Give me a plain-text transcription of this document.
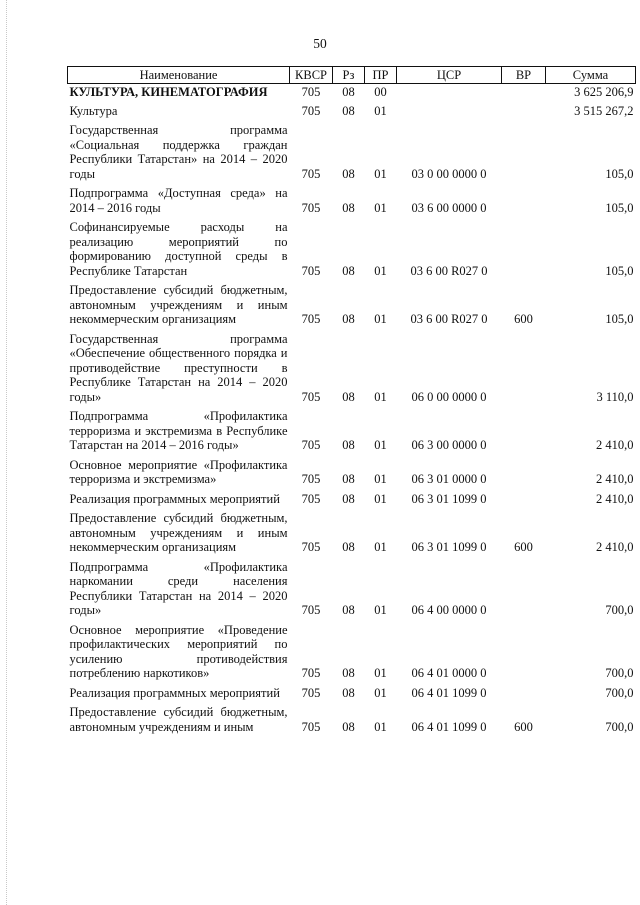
50
Наименование	КВСР	Рз	ПР	ЦСР	ВР	Сумма
КУЛЬТУРА, КИНЕМАТОГРАФИЯ	705	08	00			3 625 206,9
Культура	705	08	01			3 515 267,2
Государственная программа «Социальная поддержка граждан Республики Татарстан» на 2014 – 2020 годы	705	08	01	03 0 00 0000 0		105,0
Подпрограмма «Доступная среда» на 2014 – 2016 годы	705	08	01	03 6 00 0000 0		105,0
Софинансируемые расходы на реализацию мероприятий по формированию доступной среды в Республике Татарстан	705	08	01	03 6 00 R027 0		105,0
Предоставление субсидий бюджетным, автономным учреждениям и иным некоммерческим организациям	705	08	01	03 6 00 R027 0	600	105,0
Государственная программа «Обеспечение общественного порядка и противодействие преступности в Республике Татарстан на 2014 – 2020 годы»	705	08	01	06 0 00 0000 0		3 110,0
Подпрограмма «Профилактика терроризма и экстремизма в Республике Татарстан на 2014 – 2016 годы»	705	08	01	06 3 00 0000 0		2 410,0
Основное мероприятие «Профилактика терроризма и экстремизма»	705	08	01	06 3 01 0000 0		2 410,0
Реализация программных мероприятий	705	08	01	06 3 01 1099 0		2 410,0
Предоставление субсидий бюджетным, автономным учреждениям и иным некоммерческим организациям	705	08	01	06 3 01 1099 0	600	2 410,0
Подпрограмма «Профилактика наркомании среди населения Республики Татарстан на 2014 – 2020 годы»	705	08	01	06 4 00 0000 0		700,0
Основное мероприятие «Проведение профилактических мероприятий по усилению противодействия потреблению наркотиков»	705	08	01	06 4 01 0000 0		700,0
Реализация программных мероприятий	705	08	01	06 4 01 1099 0		700,0
Предоставление субсидий бюджетным, автономным учреждениям и иным	705	08	01	06 4 01 1099 0	600	700,0
